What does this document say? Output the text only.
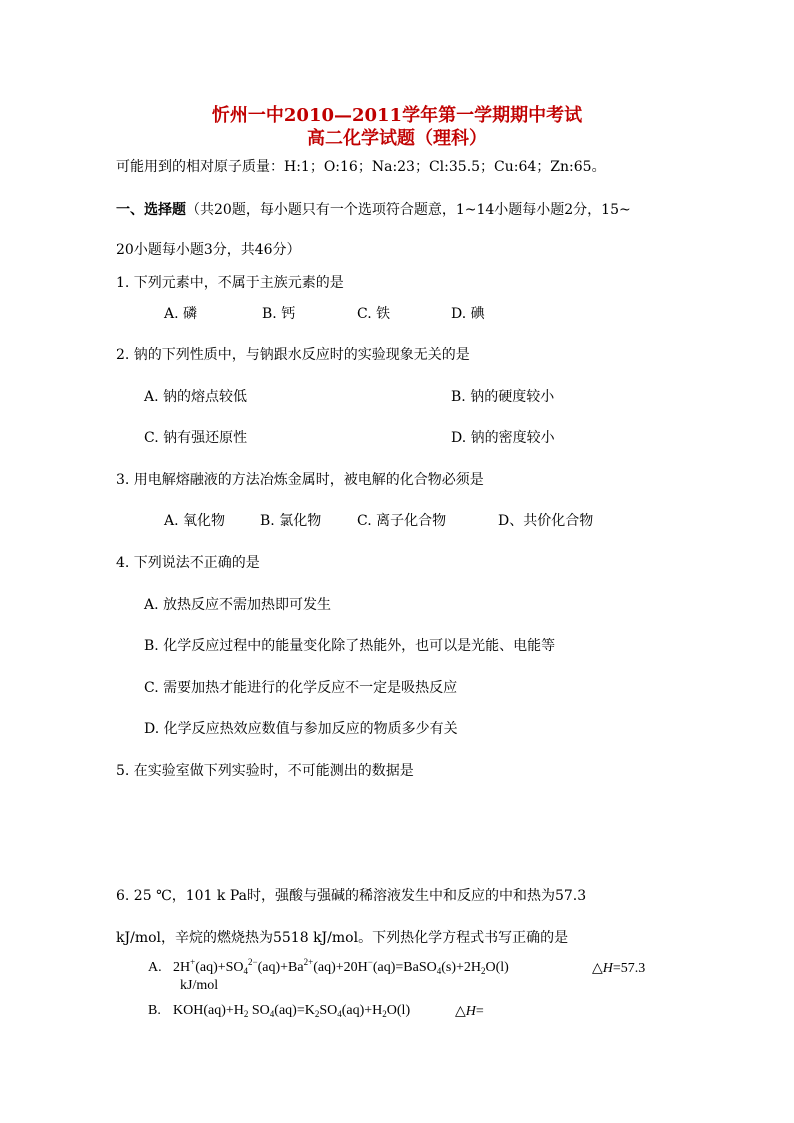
忻州一中2010—2011学年第一学期期中考试
高二化学试题（理科）
可能用到的相对原子质量：H:1；O:16；Na:23；Cl:35.5；Cu:64；Zn:65。
一、选择题（共20题，每小题只有一个选项符合题意，1~14小题每小题2分，15~
20小题每小题3分，共46分）
1. 下列元素中，不属于主族元素的是
A. 磷	B. 钙	C. 铁	D. 碘
2. 钠的下列性质中，与钠跟水反应时的实验现象无关的是
A. 钠的熔点较低	B. 钠的硬度较小
C. 钠有强还原性	D. 钠的密度较小
3. 用电解熔融液的方法冶炼金属时，被电解的化合物必须是
A. 氧化物 B. 氯化物	C. 离子化合物	D、共价化合物
4. 下列说法不正确的是
A. 放热反应不需加热即可发生
B. 化学反应过程中的能量变化除了热能外，也可以是光能、电能等
C. 需要加热才能进行的化学反应不一定是吸热反应
D. 化学反应热效应数值与参加反应的物质多少有关
5. 在实验室做下列实验时，不可能测出的数据是
6. 25 ℃，101 k Pa时，强酸与强碱的稀溶液发生中和反应的中和热为57.3
kJ/mol，辛烷的燃烧热为5518 kJ/mol。下列热化学方程式书写正确的是
A. $2H^+(aq)+SO_4^{2-}(aq)+Ba^{2+}(aq)+20H^-(aq)=BaSO_4(s)+2H_2O(l)$	△H=57.3
kJ/mol
B. $KOH(aq)+H_2$ $SO_4(aq)=K_2SO_4(aq)+H_2O(l)$	△H=
